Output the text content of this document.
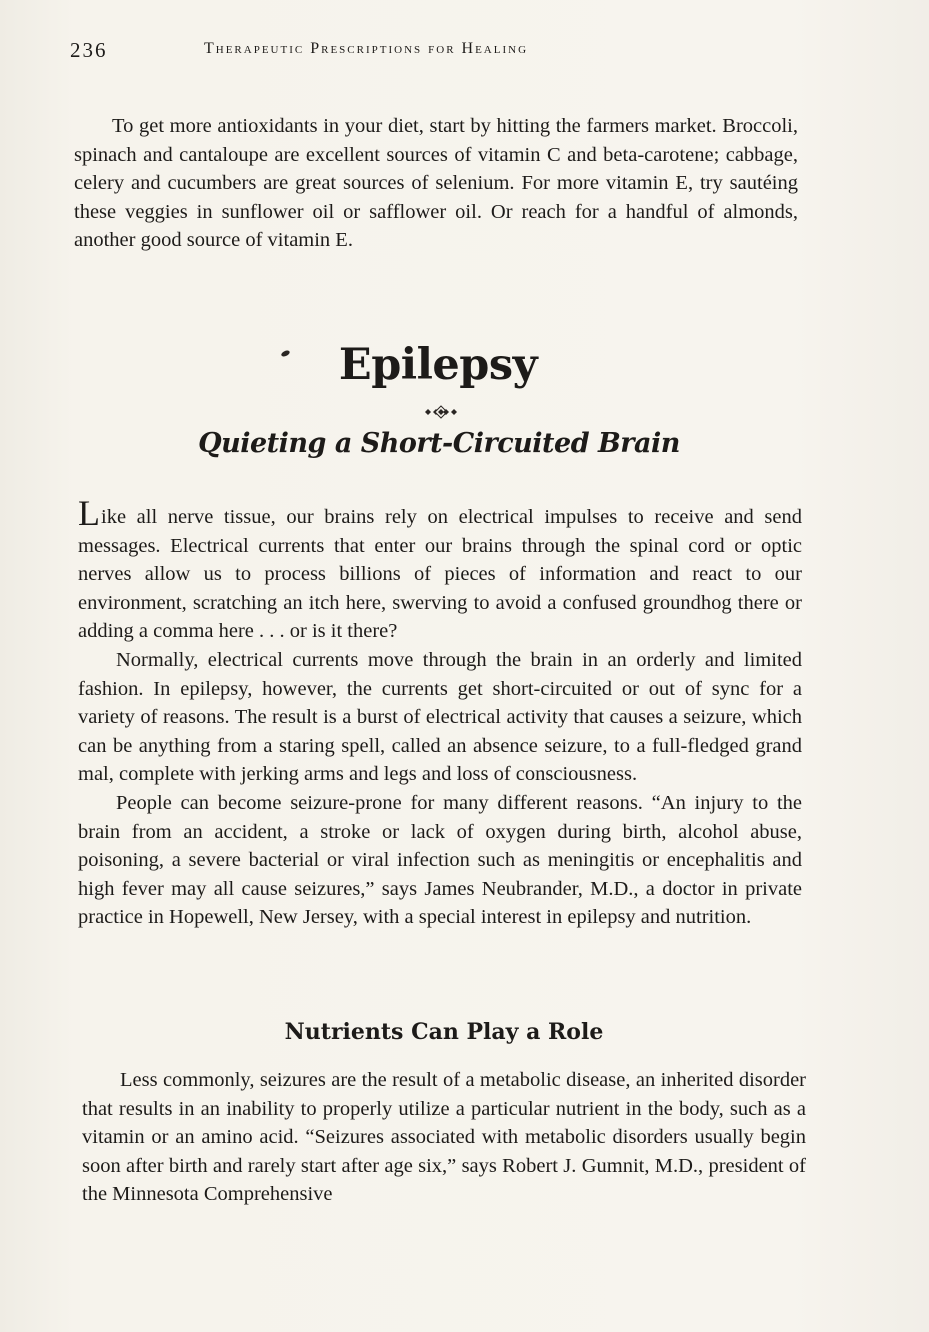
236	Therapeutic Prescriptions for Healing

To get more antioxidants in your diet, start by hitting the farmers market. Broccoli, spinach and cantaloupe are excellent sources of vitamin C and beta-carotene; cabbage, celery and cucumbers are great sources of selenium. For more vitamin E, try sautéing these veggies in sunflower oil or safflower oil. Or reach for a handful of almonds, another good source of vitamin E.

Epilepsy
Quieting a Short-Circuited Brain

Like all nerve tissue, our brains rely on electrical impulses to receive and send messages. Electrical currents that enter our brains through the spinal cord or optic nerves allow us to process billions of pieces of information and react to our environment, scratching an itch here, swerving to avoid a confused groundhog there or adding a comma here . . . or is it there?

Normally, electrical currents move through the brain in an orderly and limited fashion. In epilepsy, however, the currents get short-circuited or out of sync for a variety of reasons. The result is a burst of electrical activity that causes a seizure, which can be anything from a staring spell, called an absence seizure, to a full-fledged grand mal, complete with jerking arms and legs and loss of consciousness.

People can become seizure-prone for many different reasons. “An injury to the brain from an accident, a stroke or lack of oxygen during birth, alcohol abuse, poisoning, a severe bacterial or viral infection such as meningitis or encephalitis and high fever may all cause seizures,” says James Neubrander, M.D., a doctor in private practice in Hopewell, New Jersey, with a special interest in epilepsy and nutrition.

Nutrients Can Play a Role

Less commonly, seizures are the result of a metabolic disease, an inherited disorder that results in an inability to properly utilize a particular nutrient in the body, such as a vitamin or an amino acid. “Seizures associated with metabolic disorders usually begin soon after birth and rarely start after age six,” says Robert J. Gumnit, M.D., president of the Minnesota Comprehensive
